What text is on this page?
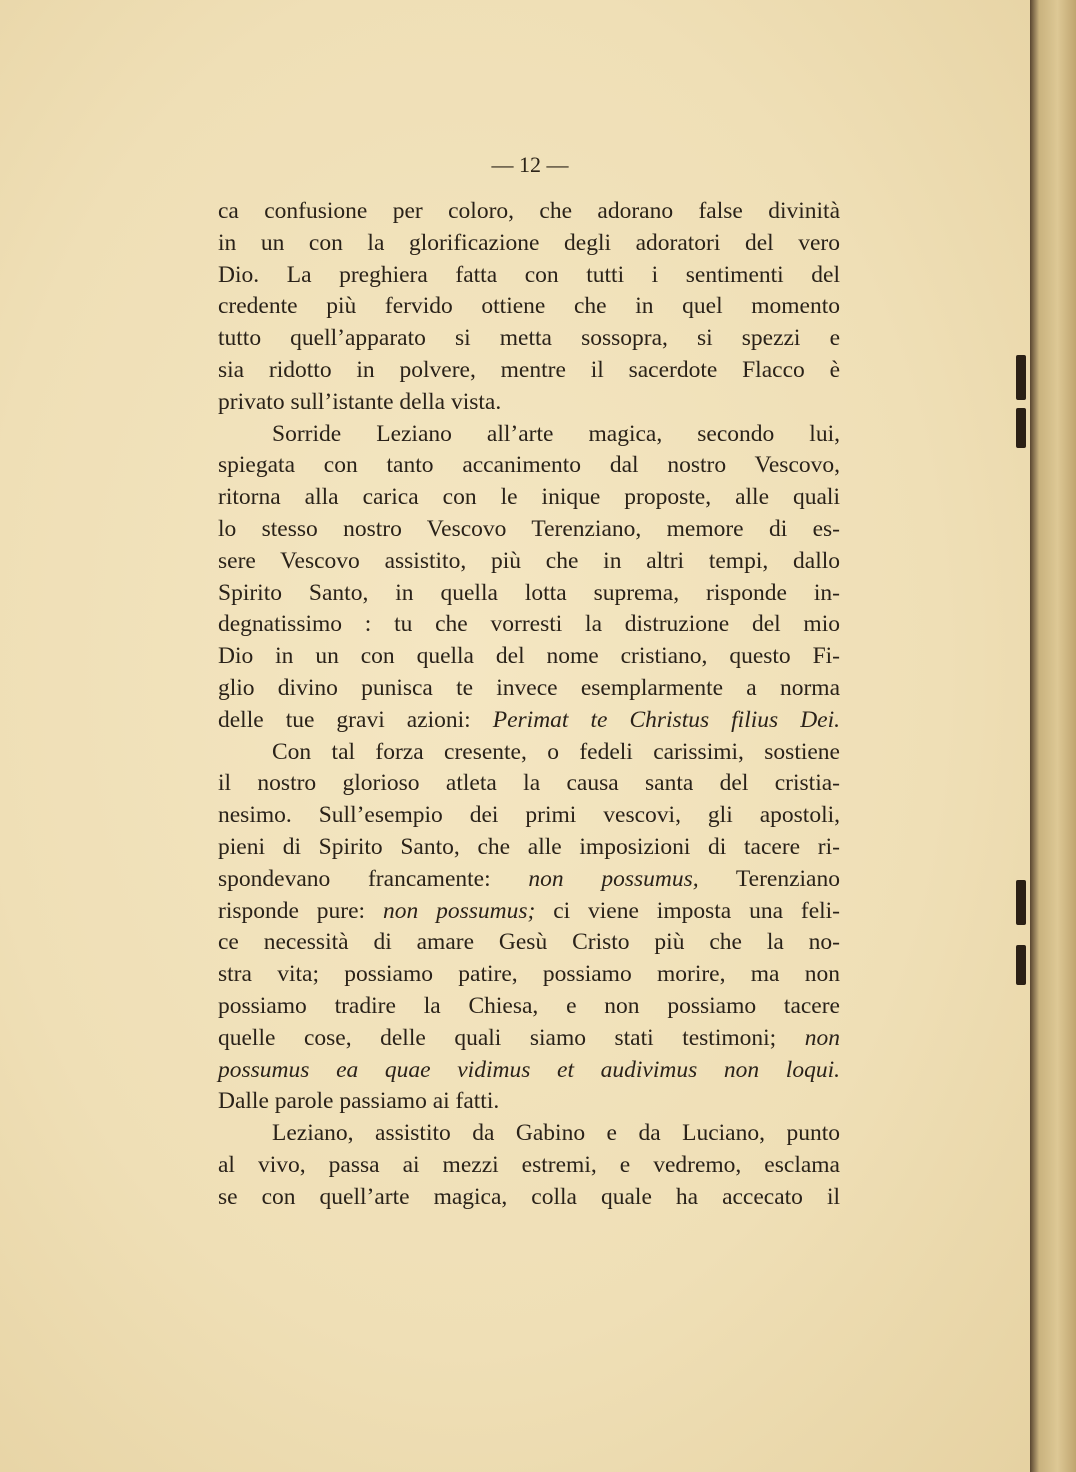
— 12 —
ca confusione per coloro, che adorano false divinità
in un con la glorificazione degli adoratori del vero
Dio. La preghiera fatta con tutti i sentimenti del
credente più fervido ottiene che in quel momento
tutto quell’apparato si metta sossopra, si spezzi e
sia ridotto in polvere, mentre il sacerdote Flacco è
privato sull’istante della vista.
Sorride Leziano all’arte magica, secondo lui,
spiegata con tanto accanimento dal nostro Vescovo,
ritorna alla carica con le inique proposte, alle quali
lo stesso nostro Vescovo Terenziano, memore di es-
sere Vescovo assistito, più che in altri tempi, dallo
Spirito Santo, in quella lotta suprema, risponde in-
degnatissimo : tu che vorresti la distruzione del mio
Dio in un con quella del nome cristiano, questo Fi-
glio divino punisca te invece esemplarmente a norma
delle tue gravi azioni: Perimat te Christus filius Dei.
Con tal forza cresente, o fedeli carissimi, sostiene
il nostro glorioso atleta la causa santa del cristia-
nesimo. Sull’esempio dei primi vescovi, gli apostoli,
pieni di Spirito Santo, che alle imposizioni di tacere ri-
spondevano francamente: non possumus, Terenziano
risponde pure: non possumus; ci viene imposta una feli-
ce necessità di amare Gesù Cristo più che la no-
stra vita; possiamo patire, possiamo morire, ma non
possiamo tradire la Chiesa, e non possiamo tacere
quelle cose, delle quali siamo stati testimoni; non
possumus ea quae vidimus et audivimus non loqui.
Dalle parole passiamo ai fatti.
Leziano, assistito da Gabino e da Luciano, punto
al vivo, passa ai mezzi estremi, e vedremo, esclama
se con quell’arte magica, colla quale ha accecato il
